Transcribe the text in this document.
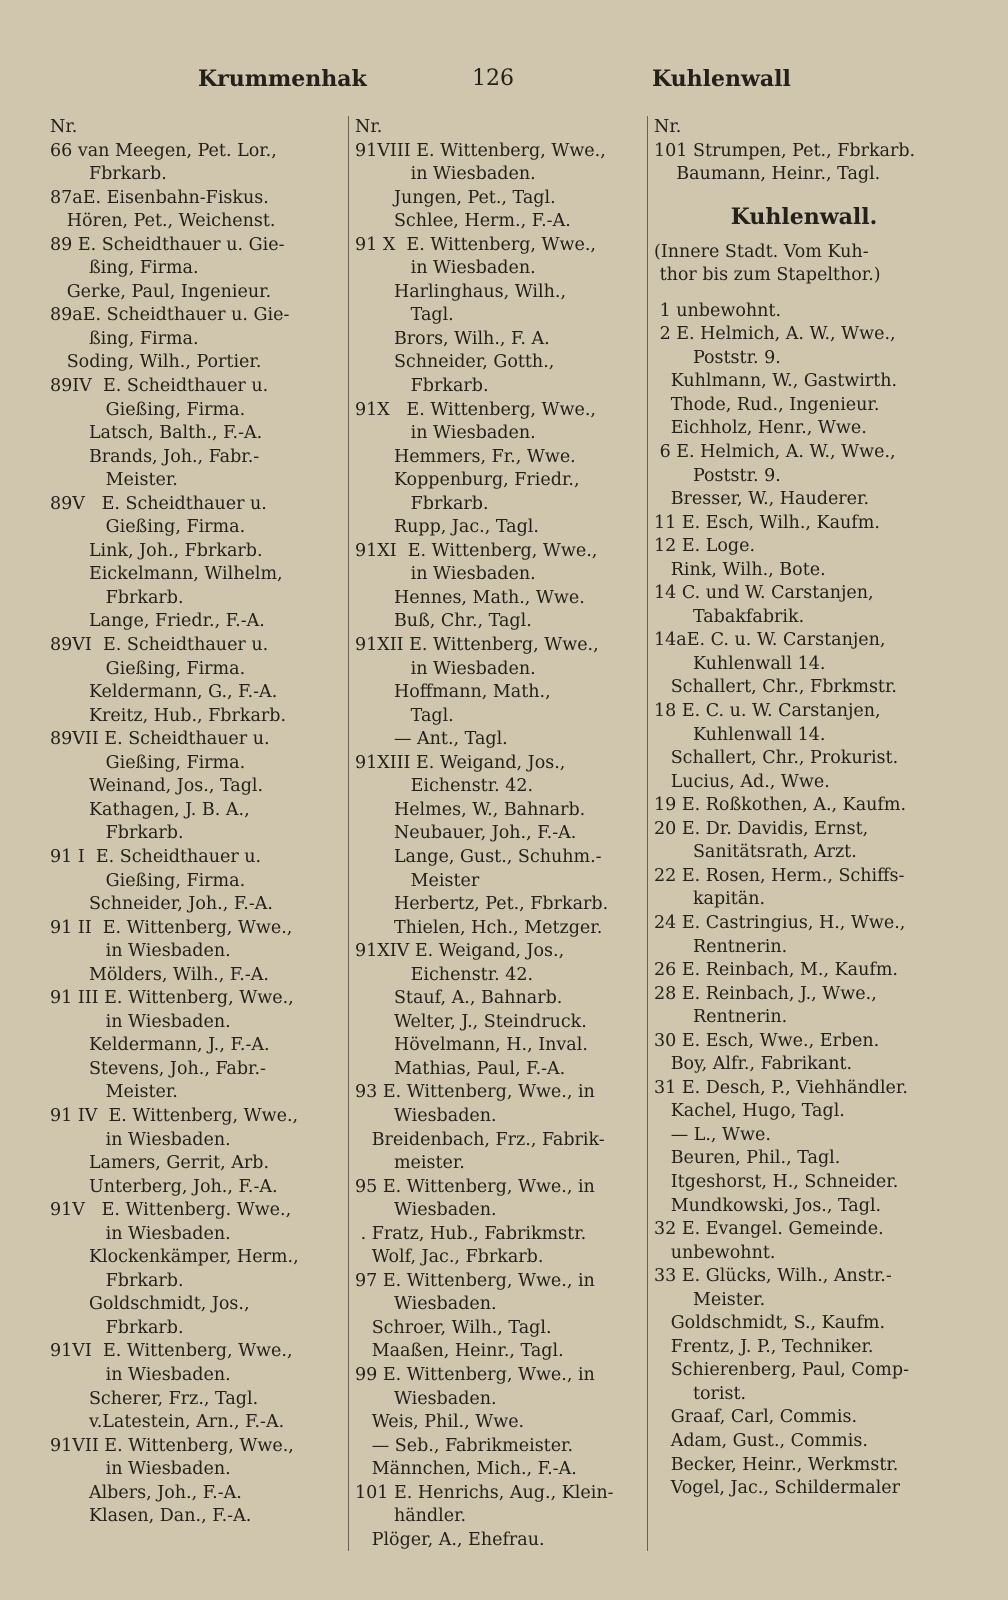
Krummenhak	126	Kuhlenwall
Nr.
66 van Meegen, Pet. Lor.,
Fbrkarb.
87aE. Eisenbahn-Fiskus.
Hören, Pet., Weichenst.
89 E. Scheidthauer u. Gie-
ßing, Firma.
Gerke, Paul, Ingenieur.
89aE. Scheidthauer u. Gie-
ßing, Firma.
Soding, Wilh., Portier.
89IV  E. Scheidthauer u.
Gießing, Firma.
Latsch, Balth., F.-A.
Brands, Joh., Fabr.-
Meister.
89V   E. Scheidthauer u.
Gießing, Firma.
Link, Joh., Fbrkarb.
Eickelmann, Wilhelm,
Fbrkarb.
Lange, Friedr., F.-A.
89VI  E. Scheidthauer u.
Gießing, Firma.
Keldermann, G., F.-A.
Kreitz, Hub., Fbrkarb.
89VII E. Scheidthauer u.
Gießing, Firma.
Weinand, Jos., Tagl.
Kathagen, J. B. A.,
Fbrkarb.
91 I  E. Scheidthauer u.
Gießing, Firma.
Schneider, Joh., F.-A.
91 II  E. Wittenberg, Wwe.,
in Wiesbaden.
Mölders, Wilh., F.-A.
91 III E. Wittenberg, Wwe.,
in Wiesbaden.
Keldermann, J., F.-A.
Stevens, Joh., Fabr.-
Meister.
91 IV  E. Wittenberg, Wwe.,
in Wiesbaden.
Lamers, Gerrit, Arb.
Unterberg, Joh., F.-A.
91V   E. Wittenberg. Wwe.,
in Wiesbaden.
Klockenkämper, Herm.,
Fbrkarb.
Goldschmidt, Jos.,
Fbrkarb.
91VI  E. Wittenberg, Wwe.,
in Wiesbaden.
Scherer, Frz., Tagl.
v.Latestein, Arn., F.-A.
91VII E. Wittenberg, Wwe.,
in Wiesbaden.
Albers, Joh., F.-A.
Klasen, Dan., F.-A.
Nr.
91VIII E. Wittenberg, Wwe.,
in Wiesbaden.
Jungen, Pet., Tagl.
Schlee, Herm., F.-A.
91 X  E. Wittenberg, Wwe.,
in Wiesbaden.
Harlinghaus, Wilh.,
Tagl.
Brors, Wilh., F. A.
Schneider, Gotth.,
Fbrkarb.
91X   E. Wittenberg, Wwe.,
in Wiesbaden.
Hemmers, Fr., Wwe.
Koppenburg, Friedr.,
Fbrkarb.
Rupp, Jac., Tagl.
91XI  E. Wittenberg, Wwe.,
in Wiesbaden.
Hennes, Math., Wwe.
Buß, Chr., Tagl.
91XII E. Wittenberg, Wwe.,
in Wiesbaden.
Hoffmann, Math.,
Tagl.
— Ant., Tagl.
91XIII E. Weigand, Jos.,
Eichenstr. 42.
Helmes, W., Bahnarb.
Neubauer, Joh., F.-A.
Lange, Gust., Schuhm.-
Meister
Herbertz, Pet., Fbrkarb.
Thielen, Hch., Metzger.
91XIV E. Weigand, Jos.,
Eichenstr. 42.
Stauf, A., Bahnarb.
Welter, J., Steindruck.
Hövelmann, H., Inval.
Mathias, Paul, F.-A.
93 E. Wittenberg, Wwe., in
Wiesbaden.
Breidenbach, Frz., Fabrik-
meister.
95 E. Wittenberg, Wwe., in
Wiesbaden.
. Fratz, Hub., Fabrikmstr.
Wolf, Jac., Fbrkarb.
97 E. Wittenberg, Wwe., in
Wiesbaden.
Schroer, Wilh., Tagl.
Maaßen, Heinr., Tagl.
99 E. Wittenberg, Wwe., in
Wiesbaden.
Weis, Phil., Wwe.
— Seb., Fabrikmeister.
Männchen, Mich., F.-A.
101 E. Henrichs, Aug., Klein-
händler.
Plöger, A., Ehefrau.
Nr.
101 Strumpen, Pet., Fbrkarb.
Baumann, Heinr., Tagl.
Kuhlenwall.
(Innere Stadt. Vom Kuh-
thor bis zum Stapelthor.)
1 unbewohnt.
2 E. Helmich, A. W., Wwe.,
Poststr. 9.
Kuhlmann, W., Gastwirth.
Thode, Rud., Ingenieur.
Eichholz, Henr., Wwe.
6 E. Helmich, A. W., Wwe.,
Poststr. 9.
Bresser, W., Hauderer.
11 E. Esch, Wilh., Kaufm.
12 E. Loge.
Rink, Wilh., Bote.
14 C. und W. Carstanjen,
Tabakfabrik.
14aE. C. u. W. Carstanjen,
Kuhlenwall 14.
Schallert, Chr., Fbrkmstr.
18 E. C. u. W. Carstanjen,
Kuhlenwall 14.
Schallert, Chr., Prokurist.
Lucius, Ad., Wwe.
19 E. Roßkothen, A., Kaufm.
20 E. Dr. Davidis, Ernst,
Sanitätsrath, Arzt.
22 E. Rosen, Herm., Schiffs-
kapitän.
24 E. Castringius, H., Wwe.,
Rentnerin.
26 E. Reinbach, M., Kaufm.
28 E. Reinbach, J., Wwe.,
Rentnerin.
30 E. Esch, Wwe., Erben.
Boy, Alfr., Fabrikant.
31 E. Desch, P., Viehhändler.
Kachel, Hugo, Tagl.
— L., Wwe.
Beuren, Phil., Tagl.
Itgeshorst, H., Schneider.
Mundkowski, Jos., Tagl.
32 E. Evangel. Gemeinde.
unbewohnt.
33 E. Glücks, Wilh., Anstr.-
Meister.
Goldschmidt, S., Kaufm.
Frentz, J. P., Techniker.
Schierenberg, Paul, Comp-
torist.
Graaf, Carl, Commis.
Adam, Gust., Commis.
Becker, Heinr., Werkmstr.
Vogel, Jac., Schildermaler
